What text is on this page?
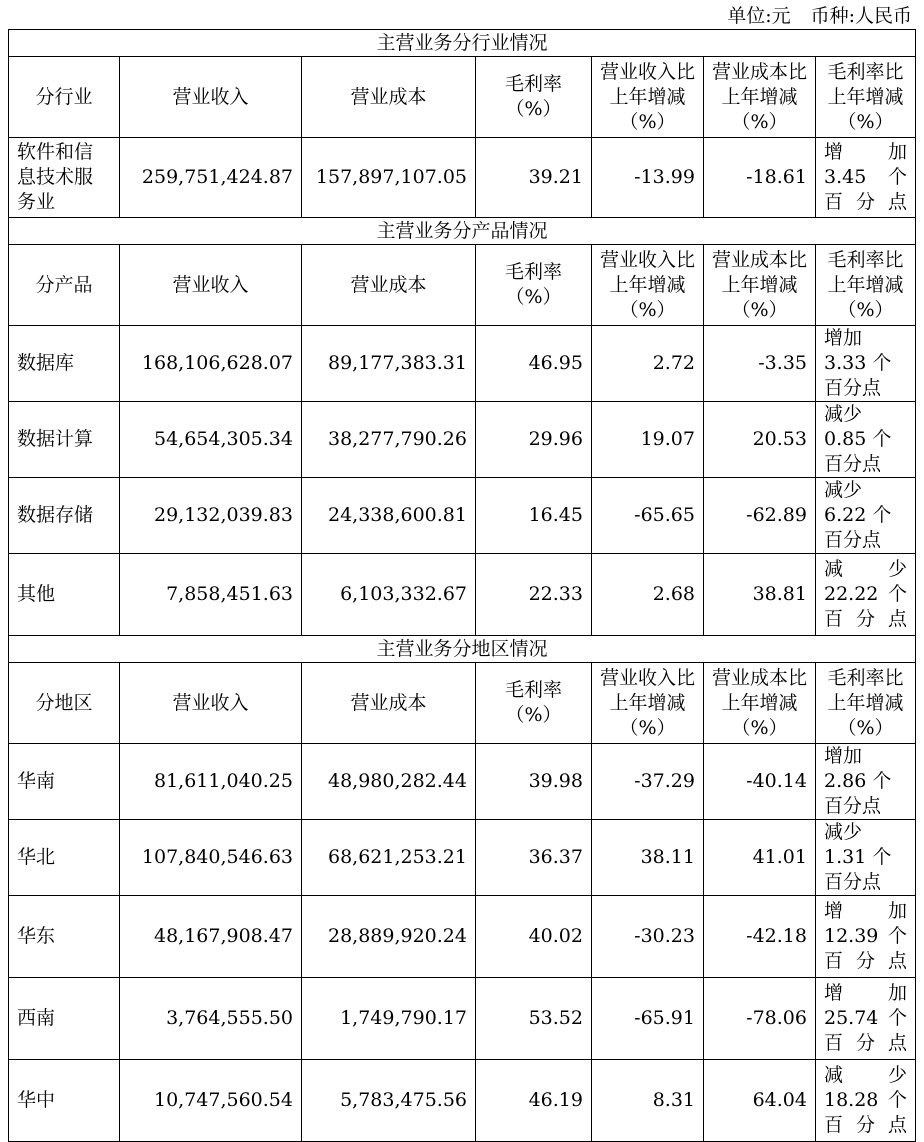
单位:元 币种:人民币
主营业务分行业情况						
分行业	营业收入	营业成本	毛利率（%）	营业收入比上年增减（%）	营业成本比上年增减（%）	毛利率比上年增减（%）
软件和信息技术服务业	259,751,424.87	157,897,107.05	39.21	-13.99	-18.61	增加 3.45 个百分点
主营业务分产品情况						
分产品	营业收入	营业成本	毛利率（%）	营业收入比上年增减（%）	营业成本比上年增减（%）	毛利率比上年增减（%）
数据库	168,106,628.07	89,177,383.31	46.95	2.72	-3.35	增加 3.33 个百分点
数据计算	54,654,305.34	38,277,790.26	29.96	19.07	20.53	减少 0.85 个百分点
数据存储	29,132,039.83	24,338,600.81	16.45	-65.65	-62.89	减少 6.22 个百分点
其他	7,858,451.63	6,103,332.67	22.33	2.68	38.81	减少 22.22 个百分点
主营业务分地区情况						
分地区	营业收入	营业成本	毛利率（%）	营业收入比上年增减（%）	营业成本比上年增减（%）	毛利率比上年增减（%）
华南	81,611,040.25	48,980,282.44	39.98	-37.29	-40.14	增加 2.86 个百分点
华北	107,840,546.63	68,621,253.21	36.37	38.11	41.01	减少 1.31 个百分点
华东	48,167,908.47	28,889,920.24	40.02	-30.23	-42.18	增加 12.39 个百分点
西南	3,764,555.50	1,749,790.17	53.52	-65.91	-78.06	增加 25.74 个百分点
华中	10,747,560.54	5,783,475.56	46.19	8.31	64.04	减少 18.28 个百分点
